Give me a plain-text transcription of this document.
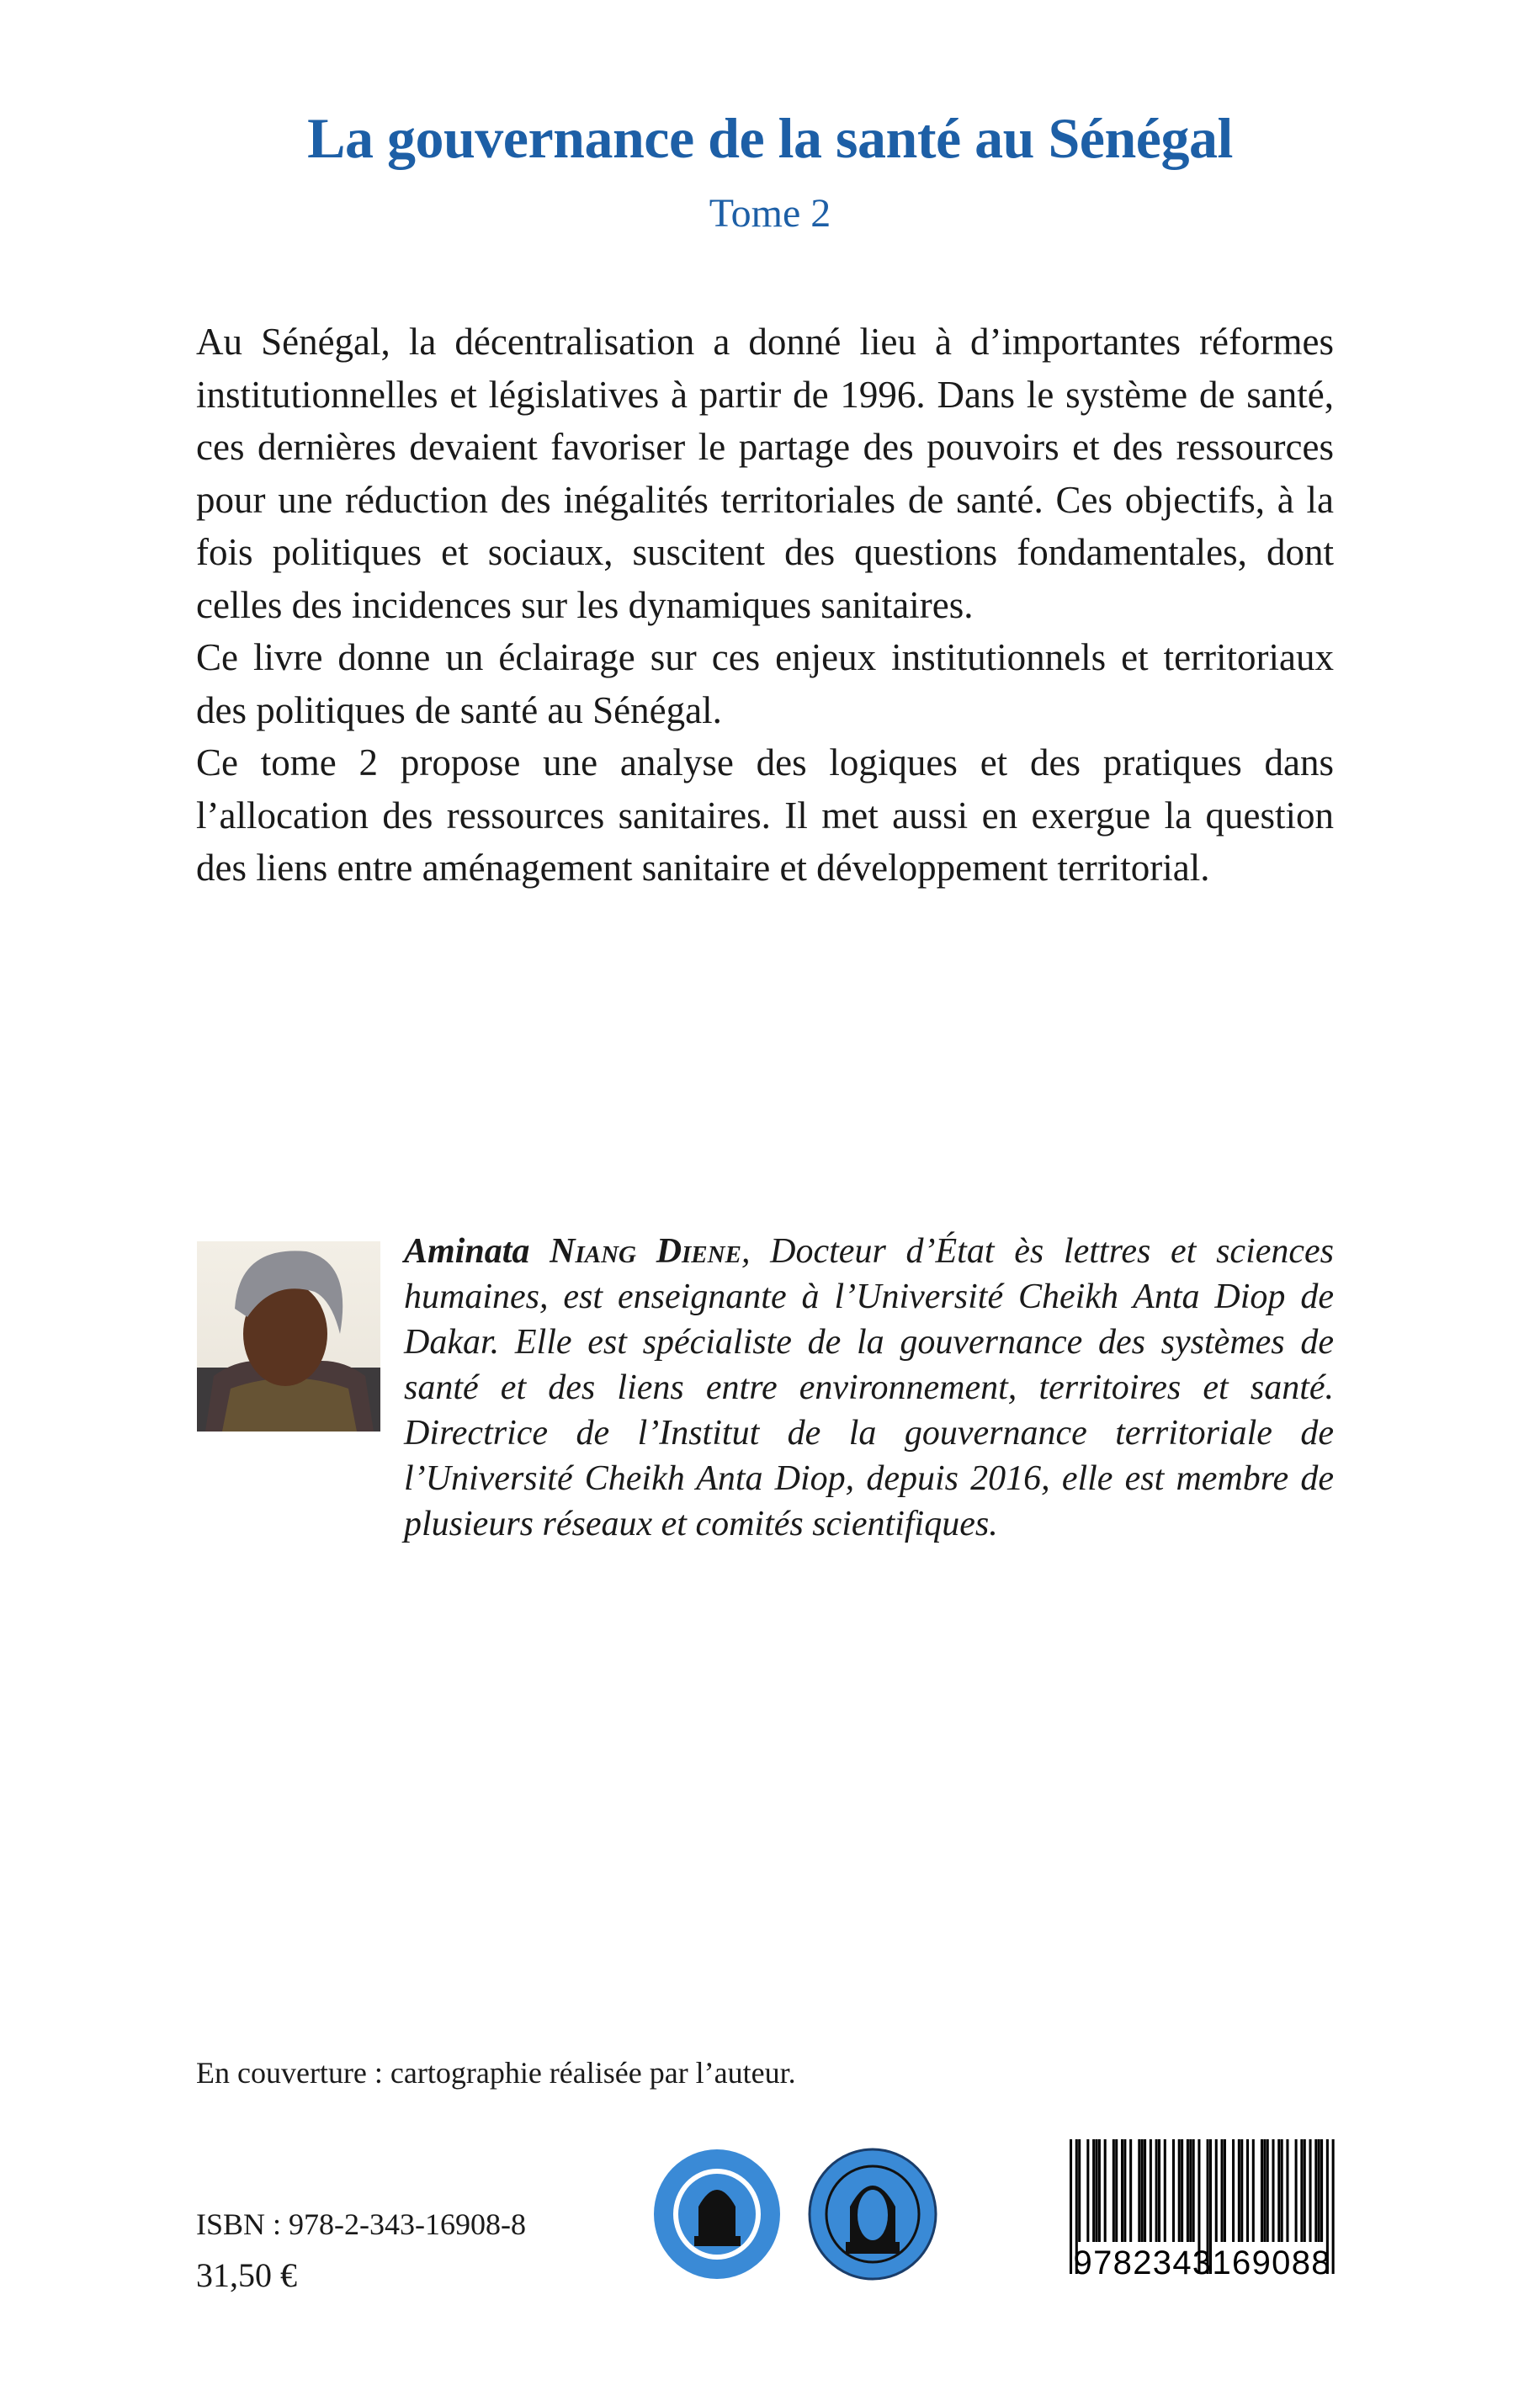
La gouvernance de la santé au Sénégal
Tome 2

Au Sénégal, la décentralisation a donné lieu à d’importantes réformes institutionnelles et législatives à partir de 1996. Dans le système de santé, ces dernières devaient favoriser le partage des pouvoirs et des ressources pour une réduction des inégalités territoriales de santé. Ces objectifs, à la fois politiques et sociaux, suscitent des questions fondamentales, dont celles des incidences sur les dynamiques sanitaires.

Ce livre donne un éclairage sur ces enjeux institutionnels et territoriaux des politiques de santé au Sénégal.

Ce tome 2 propose une analyse des logiques et des pratiques dans l’allocation des ressources sanitaires. Il met aussi en exergue la question des liens entre aménagement sanitaire et développement territorial.

Aminata Niang Diene, Docteur d’État ès lettres et sciences humaines, est enseignante à l’Université Cheikh Anta Diop de Dakar. Elle est spécialiste de la gouvernance des systèmes de santé et des liens entre environnement, territoires et santé. Directrice de l’Institut de la gouvernance territoriale de l’Université Cheikh Anta Diop, depuis 2016, elle est membre de plusieurs réseaux et comités scientifiques.
En couverture : cartographie réalisée par l’auteur.
ISBN : 978-2-343-16908-8
31,50 €	9782343169088
